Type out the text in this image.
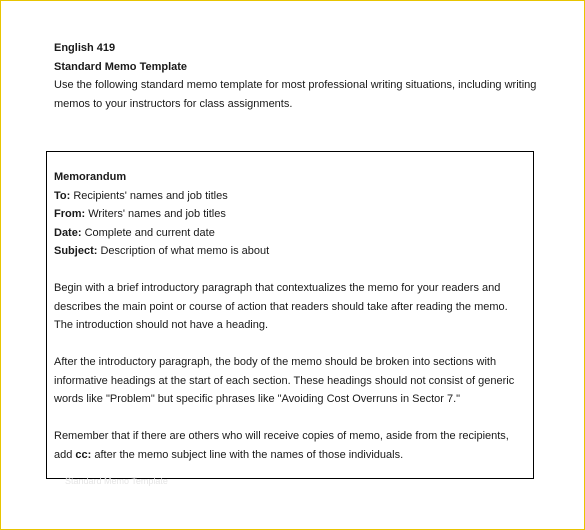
English 419
Standard Memo Template
Use the following standard memo template for most professional writing situations, including writing memos to your instructors for class assignments.

Memorandum

To: Recipients' names and job titles

From: Writers' names and job titles

Date: Complete and current date

Subject: Description of what memo is about

Begin with a brief introductory paragraph that contextualizes the memo for your readers and describes the main point or course of action that readers should take after reading the memo. The introduction should not have a heading.

After the introductory paragraph, the body of the memo should be broken into sections with informative headings at the start of each section. These headings should not consist of generic words like "Problem" but specific phrases like "Avoiding Cost Overruns in Sector 7."

Remember that if there are others who will receive copies of memo, aside from the recipients, add cc: after the memo subject line with the names of those individuals.

Standard Memo Template
